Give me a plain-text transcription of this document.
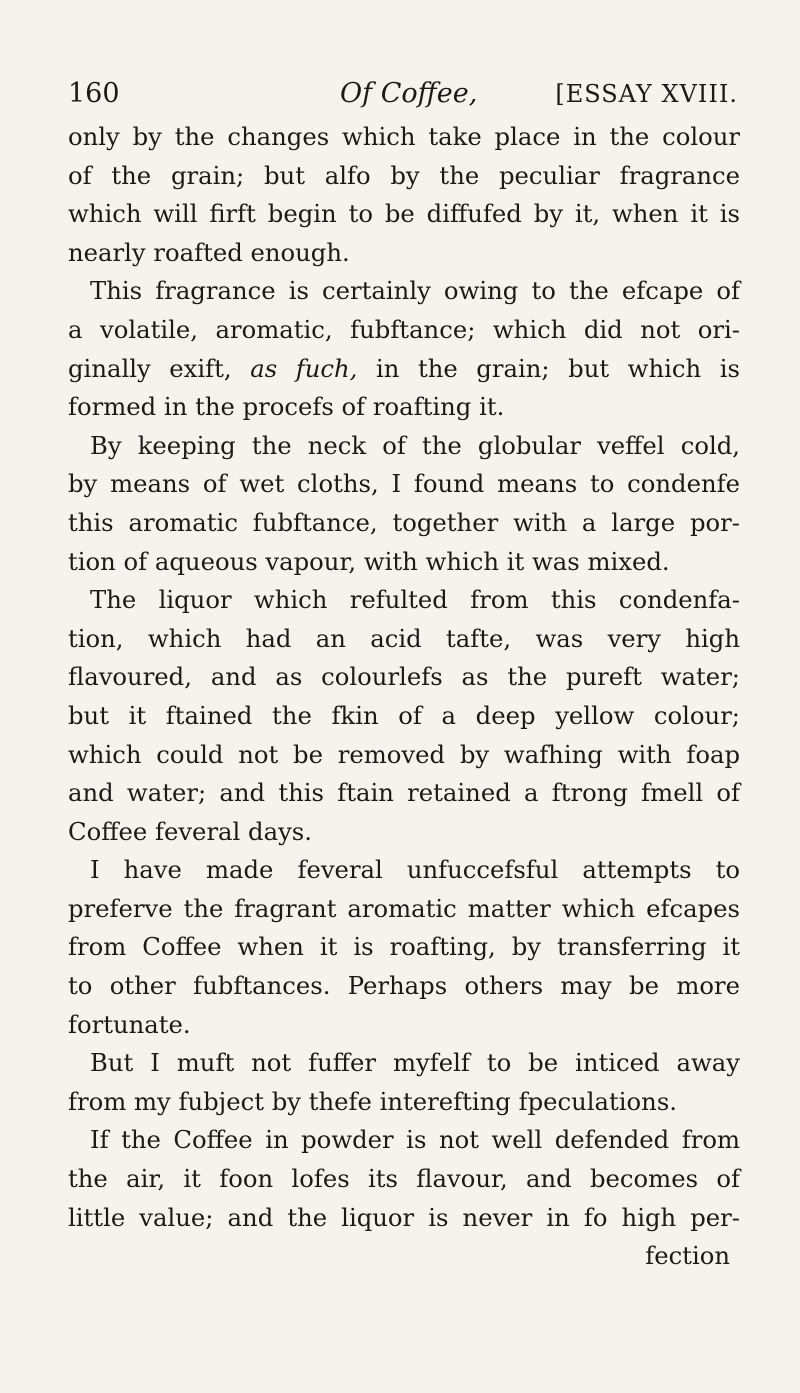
160	Of Coffee,	[ESSAY XVIII.
only by the changes which take place in the colour
of the grain; but alfo by the peculiar fragrance
which will firft begin to be diffufed by it, when it is
nearly roafted enough.
This fragrance is certainly owing to the efcape of
a volatile, aromatic, fubftance; which did not ori-
ginally exift, as fuch, in the grain; but which is
formed in the procefs of roafting it.
By keeping the neck of the globular veffel cold,
by means of wet cloths, I found means to condenfe
this aromatic fubftance, together with a large por-
tion of aqueous vapour, with which it was mixed.
The liquor which refulted from this condenfa-
tion, which had an acid tafte, was very high
flavoured, and as colourlefs as the pureft water;
but it ftained the fkin of a deep yellow colour;
which could not be removed by wafhing with foap
and water; and this ftain retained a ftrong fmell of
Coffee feveral days.
I have made feveral unfuccefsful attempts to
preferve the fragrant aromatic matter which efcapes
from Coffee when it is roafting, by transferring it
to other fubftances. Perhaps others may be more
fortunate.
But I muft not fuffer myfelf to be inticed away
from my fubject by thefe interefting fpeculations.
If the Coffee in powder is not well defended from
the air, it foon lofes its flavour, and becomes of
little value; and the liquor is never in fo high per-
fection
